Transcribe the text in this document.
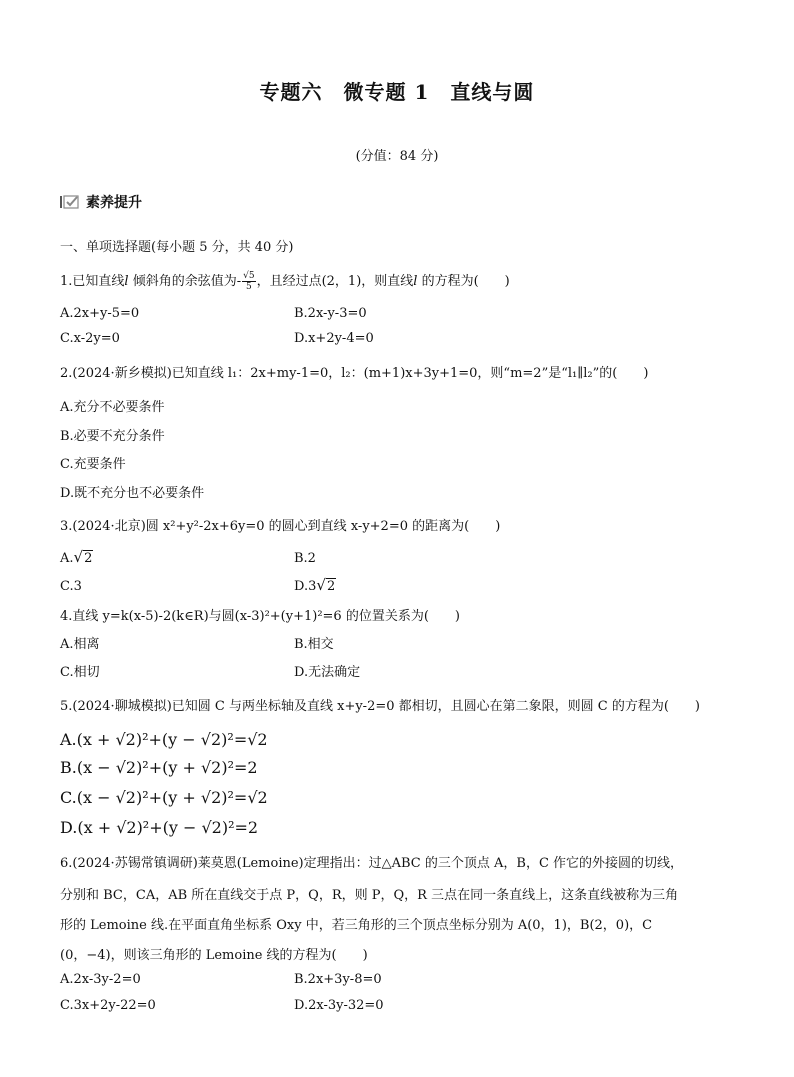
专题六　微专题 1　直线与圆
(分值：84 分)
素养提升
一、单项选择题(每小题 5 分，共 40 分)
1.已知直线l 倾斜角的余弦值为- $\frac{√5}{5}$ ，且经过点(2，1)，则直线l 的方程为(　　)
A.2x+y-5=0	B.2x-y-3=0
C.x-2y=0	D.x+2y-4=0
2.(2024·新乡模拟)已知直线 l₁：2x+my-1=0，l₂：(m+1)x+3y+1=0，则“m=2”是“l₁∥l₂”的(　　)
A.充分不必要条件
B.必要不充分条件
C.充要条件
D.既不充分也不必要条件
3.(2024·北京)圆 x²+y²-2x+6y=0 的圆心到直线 x-y+2=0 的距离为(　　)
A.√2	B.2
C.3	D.3√2
4.直线 y=k(x-5)-2(k∈R)与圆(x-3)²+(y+1)²=6 的位置关系为(　　)
A.相离	B.相交
C.相切	D.无法确定
5.(2024·聊城模拟)已知圆 C 与两坐标轴及直线 x+y-2=0 都相切，且圆心在第二象限，则圆 C 的方程为(　　)
A.(x + √2)²+(y − √2)²=√2
B.(x − √2)²+(y + √2)²=2
C.(x − √2)²+(y + √2)²=√2
D.(x + √2)²+(y − √2)²=2
6.(2024·苏锡常镇调研)莱莫恩(Lemoine)定理指出：过△ABC 的三个顶点 A，B，C 作它的外接圆的切线，
分别和 BC，CA，AB 所在直线交于点 P，Q，R，则 P，Q，R 三点在同一条直线上，这条直线被称为三角
形的 Lemoine 线.在平面直角坐标系 Oxy 中，若三角形的三个顶点坐标分别为 A(0，1)，B(2，0)，C
(0，−4)，则该三角形的 Lemoine 线的方程为(　　)
A.2x-3y-2=0	B.2x+3y-8=0
C.3x+2y-22=0	D.2x-3y-32=0
